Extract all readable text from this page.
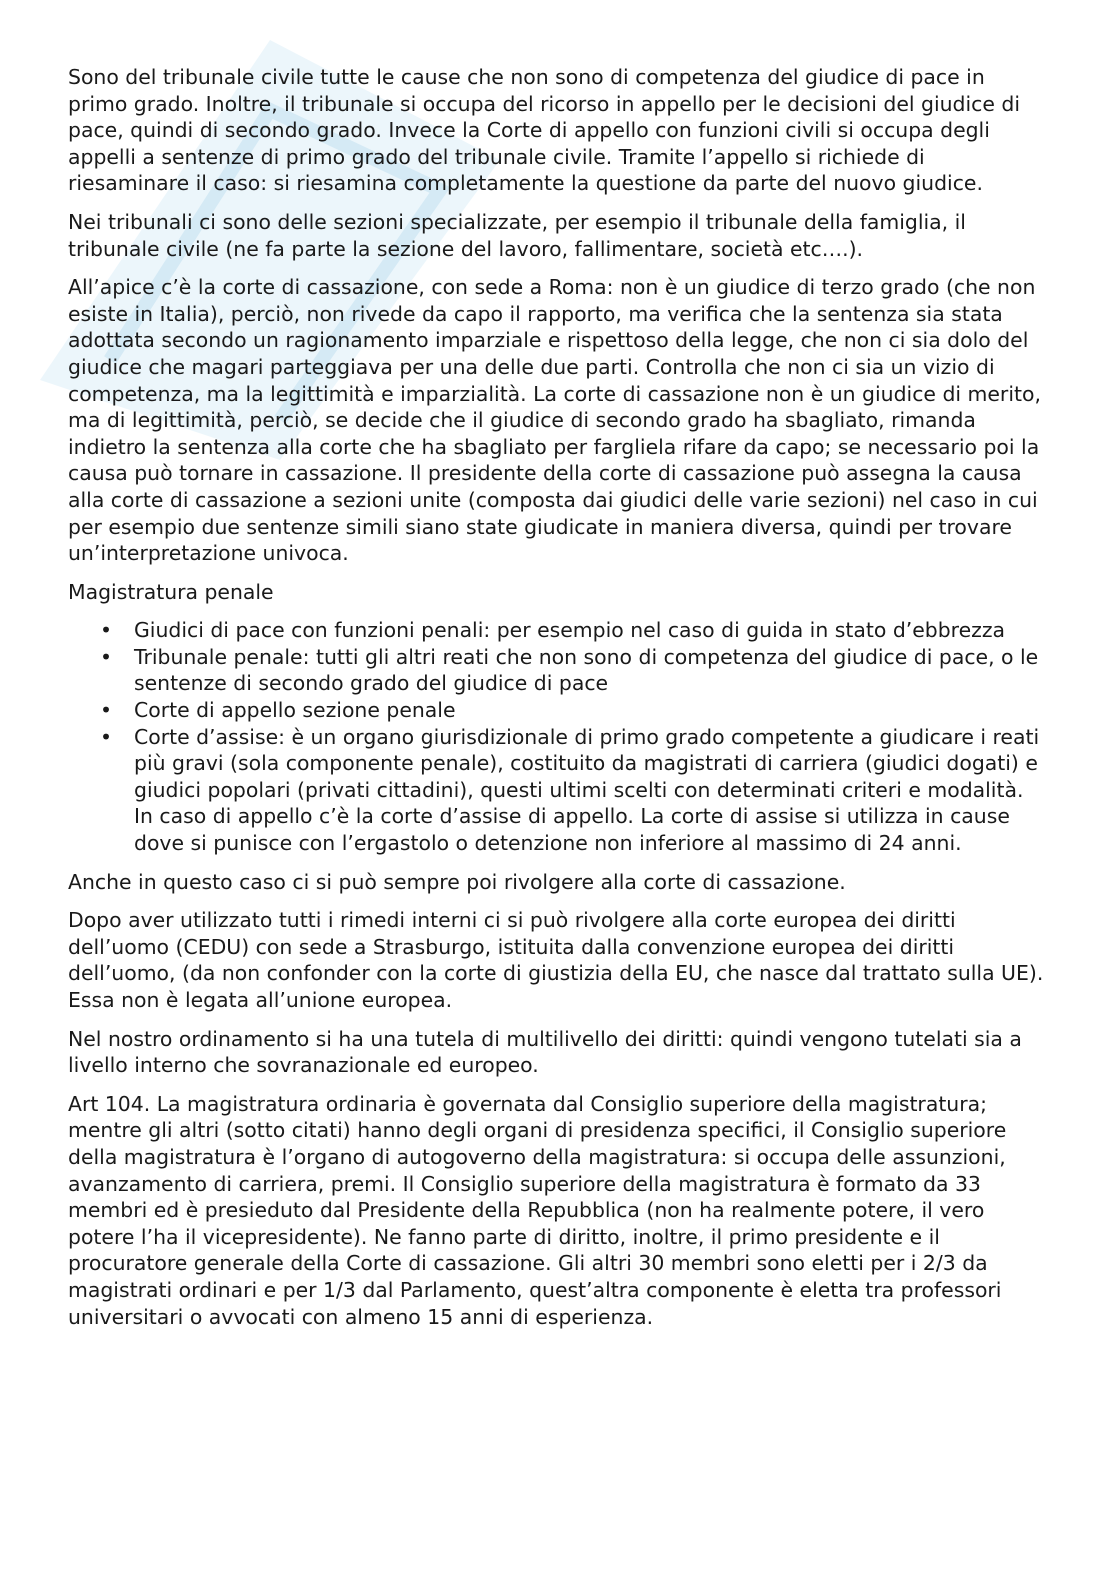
Sono del tribunale civile tutte le cause che non sono di competenza del giudice di pace in primo grado. Inoltre, il tribunale si occupa del ricorso in appello per le decisioni del giudice di pace, quindi di secondo grado. Invece la Corte di appello con funzioni civili si occupa degli appelli a sentenze di primo grado del tribunale civile. Tramite l’appello si richiede di riesaminare il caso: si riesamina completamente la questione da parte del nuovo giudice.

Nei tribunali ci sono delle sezioni specializzate, per esempio il tribunale della famiglia, il tribunale civile (ne fa parte la sezione del lavoro, fallimentare, società etc….).

All’apice c’è la corte di cassazione, con sede a Roma: non è un giudice di terzo grado (che non esiste in Italia), perciò, non rivede da capo il rapporto, ma verifica che la sentenza sia stata adottata secondo un ragionamento imparziale e rispettoso della legge, che non ci sia dolo del giudice che magari parteggiava per una delle due parti. Controlla che non ci sia un vizio di competenza, ma la legittimità e imparzialità. La corte di cassazione non è un giudice di merito, ma di legittimità, perciò, se decide che il giudice di secondo grado ha sbagliato, rimanda indietro la sentenza alla corte che ha sbagliato per fargliela rifare da capo; se necessario poi la causa può tornare in cassazione. Il presidente della corte di cassazione può assegna la causa alla corte di cassazione a sezioni unite (composta dai giudici delle varie sezioni) nel caso in cui per esempio due sentenze simili siano state giudicate in maniera diversa, quindi per trovare un’interpretazione univoca.

Magistratura penale

• Giudici di pace con funzioni penali: per esempio nel caso di guida in stato d’ebbrezza
• Tribunale penale: tutti gli altri reati che non sono di competenza del giudice di pace, o le sentenze di secondo grado del giudice di pace
• Corte di appello sezione penale
• Corte d’assise: è un organo giurisdizionale di primo grado competente a giudicare i reati più gravi (sola componente penale), costituito da magistrati di carriera (giudici dogati) e giudici popolari (privati cittadini), questi ultimi scelti con determinati criteri e modalità. In caso di appello c’è la corte d’assise di appello. La corte di assise si utilizza in cause dove si punisce con l’ergastolo o detenzione non inferiore al massimo di 24 anni.

Anche in questo caso ci si può sempre poi rivolgere alla corte di cassazione.

Dopo aver utilizzato tutti i rimedi interni ci si può rivolgere alla corte europea dei diritti dell’uomo (CEDU) con sede a Strasburgo, istituita dalla convenzione europea dei diritti dell’uomo, (da non confonder con la corte di giustizia della EU, che nasce dal trattato sulla UE). Essa non è legata all’unione europea.

Nel nostro ordinamento si ha una tutela di multilivello dei diritti: quindi vengono tutelati sia a livello interno che sovranazionale ed europeo.

Art 104. La magistratura ordinaria è governata dal Consiglio superiore della magistratura; mentre gli altri (sotto citati) hanno degli organi di presidenza specifici, il Consiglio superiore della magistratura è l’organo di autogoverno della magistratura: si occupa delle assunzioni, avanzamento di carriera, premi. Il Consiglio superiore della magistratura è formato da 33 membri ed è presieduto dal Presidente della Repubblica (non ha realmente potere, il vero potere l’ha il vicepresidente). Ne fanno parte di diritto, inoltre, il primo presidente e il procuratore generale della Corte di cassazione. Gli altri 30 membri sono eletti per i 2/3 da magistrati ordinari e per 1/3 dal Parlamento, quest’altra componente è eletta tra professori universitari o avvocati con almeno 15 anni di esperienza.
